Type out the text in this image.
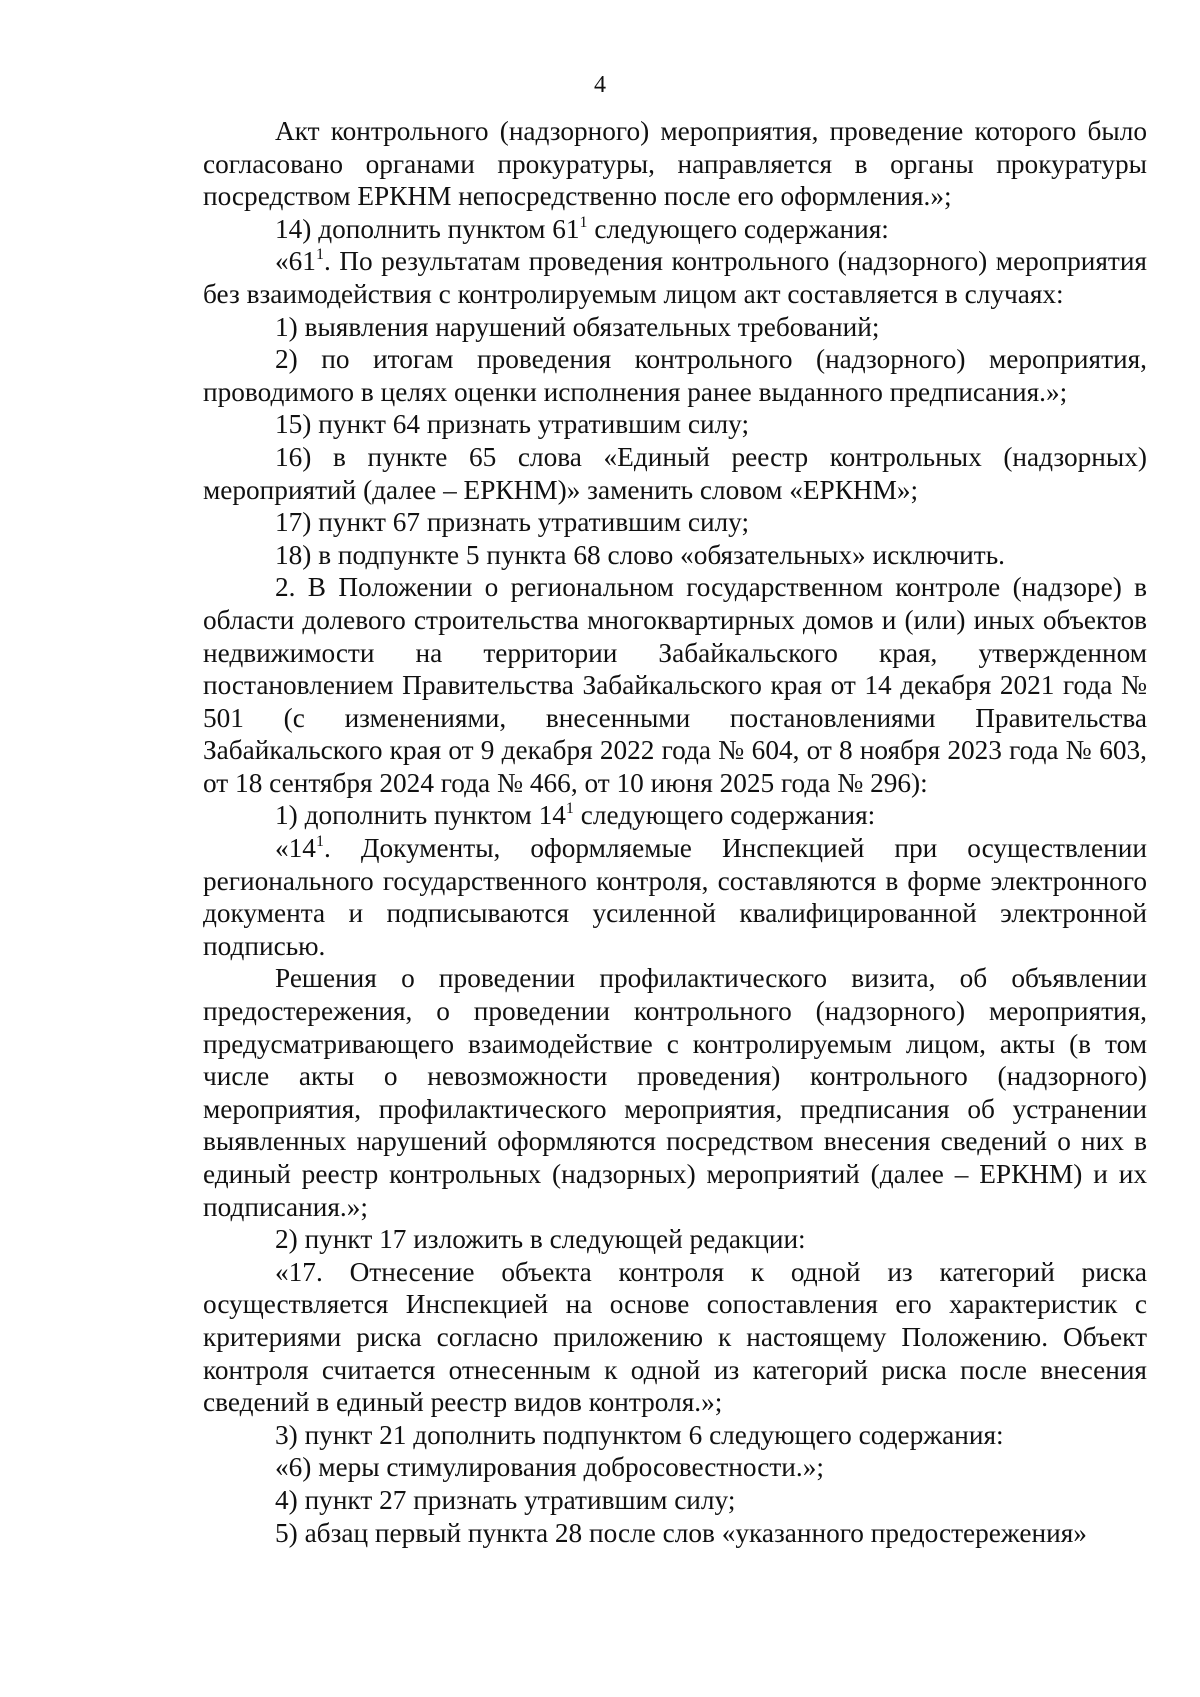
4

Акт контрольного (надзорного) мероприятия, проведение которого было согласовано органами прокуратуры, направляется в органы прокуратуры посредством ЕРКНМ непосредственно после его оформления.»;

14) дополнить пунктом $61^1$ следующего содержания:

«$61^1$. По результатам проведения контрольного (надзорного) мероприятия без взаимодействия с контролируемым лицом акт составляется в случаях:

1) выявления нарушений обязательных требований;

2) по итогам проведения контрольного (надзорного) мероприятия, проводимого в целях оценки исполнения ранее выданного предписания.»;

15) пункт 64 признать утратившим силу;

16) в пункте 65 слова «Единый реестр контрольных (надзорных) мероприятий (далее – ЕРКНМ)» заменить словом «ЕРКНМ»;

17) пункт 67 признать утратившим силу;

18) в подпункте 5 пункта 68 слово «обязательных» исключить.

2. В Положении о региональном государственном контроле (надзоре) в области долевого строительства многоквартирных домов и (или) иных объектов недвижимости на территории Забайкальского края, утвержденном постановлением Правительства Забайкальского края от 14 декабря 2021 года № 501 (с изменениями, внесенными постановлениями Правительства Забайкальского края от 9 декабря 2022 года № 604, от 8 ноября 2023 года № 603, от 18 сентября 2024 года № 466, от 10 июня 2025 года № 296):

1) дополнить пунктом $14^1$ следующего содержания:

«$14^1$. Документы, оформляемые Инспекцией при осуществлении регионального государственного контроля, составляются в форме электронного документа и подписываются усиленной квалифицированной электронной подписью.

Решения о проведении профилактического визита, об объявлении предостережения, о проведении контрольного (надзорного) мероприятия, предусматривающего взаимодействие с контролируемым лицом, акты (в том числе акты о невозможности проведения) контрольного (надзорного) мероприятия, профилактического мероприятия, предписания об устранении выявленных нарушений оформляются посредством внесения сведений о них в единый реестр контрольных (надзорных) мероприятий (далее – ЕРКНМ) и их подписания.»;

2) пункт 17 изложить в следующей редакции:

«17. Отнесение объекта контроля к одной из категорий риска осуществляется Инспекцией на основе сопоставления его характеристик с критериями риска согласно приложению к настоящему Положению. Объект контроля считается отнесенным к одной из категорий риска после внесения сведений в единый реестр видов контроля.»;

3) пункт 21 дополнить подпунктом 6 следующего содержания:

«6) меры стимулирования добросовестности.»;

4) пункт 27 признать утратившим силу;

5) абзац первый пункта 28 после слов «указанного предостережения»
